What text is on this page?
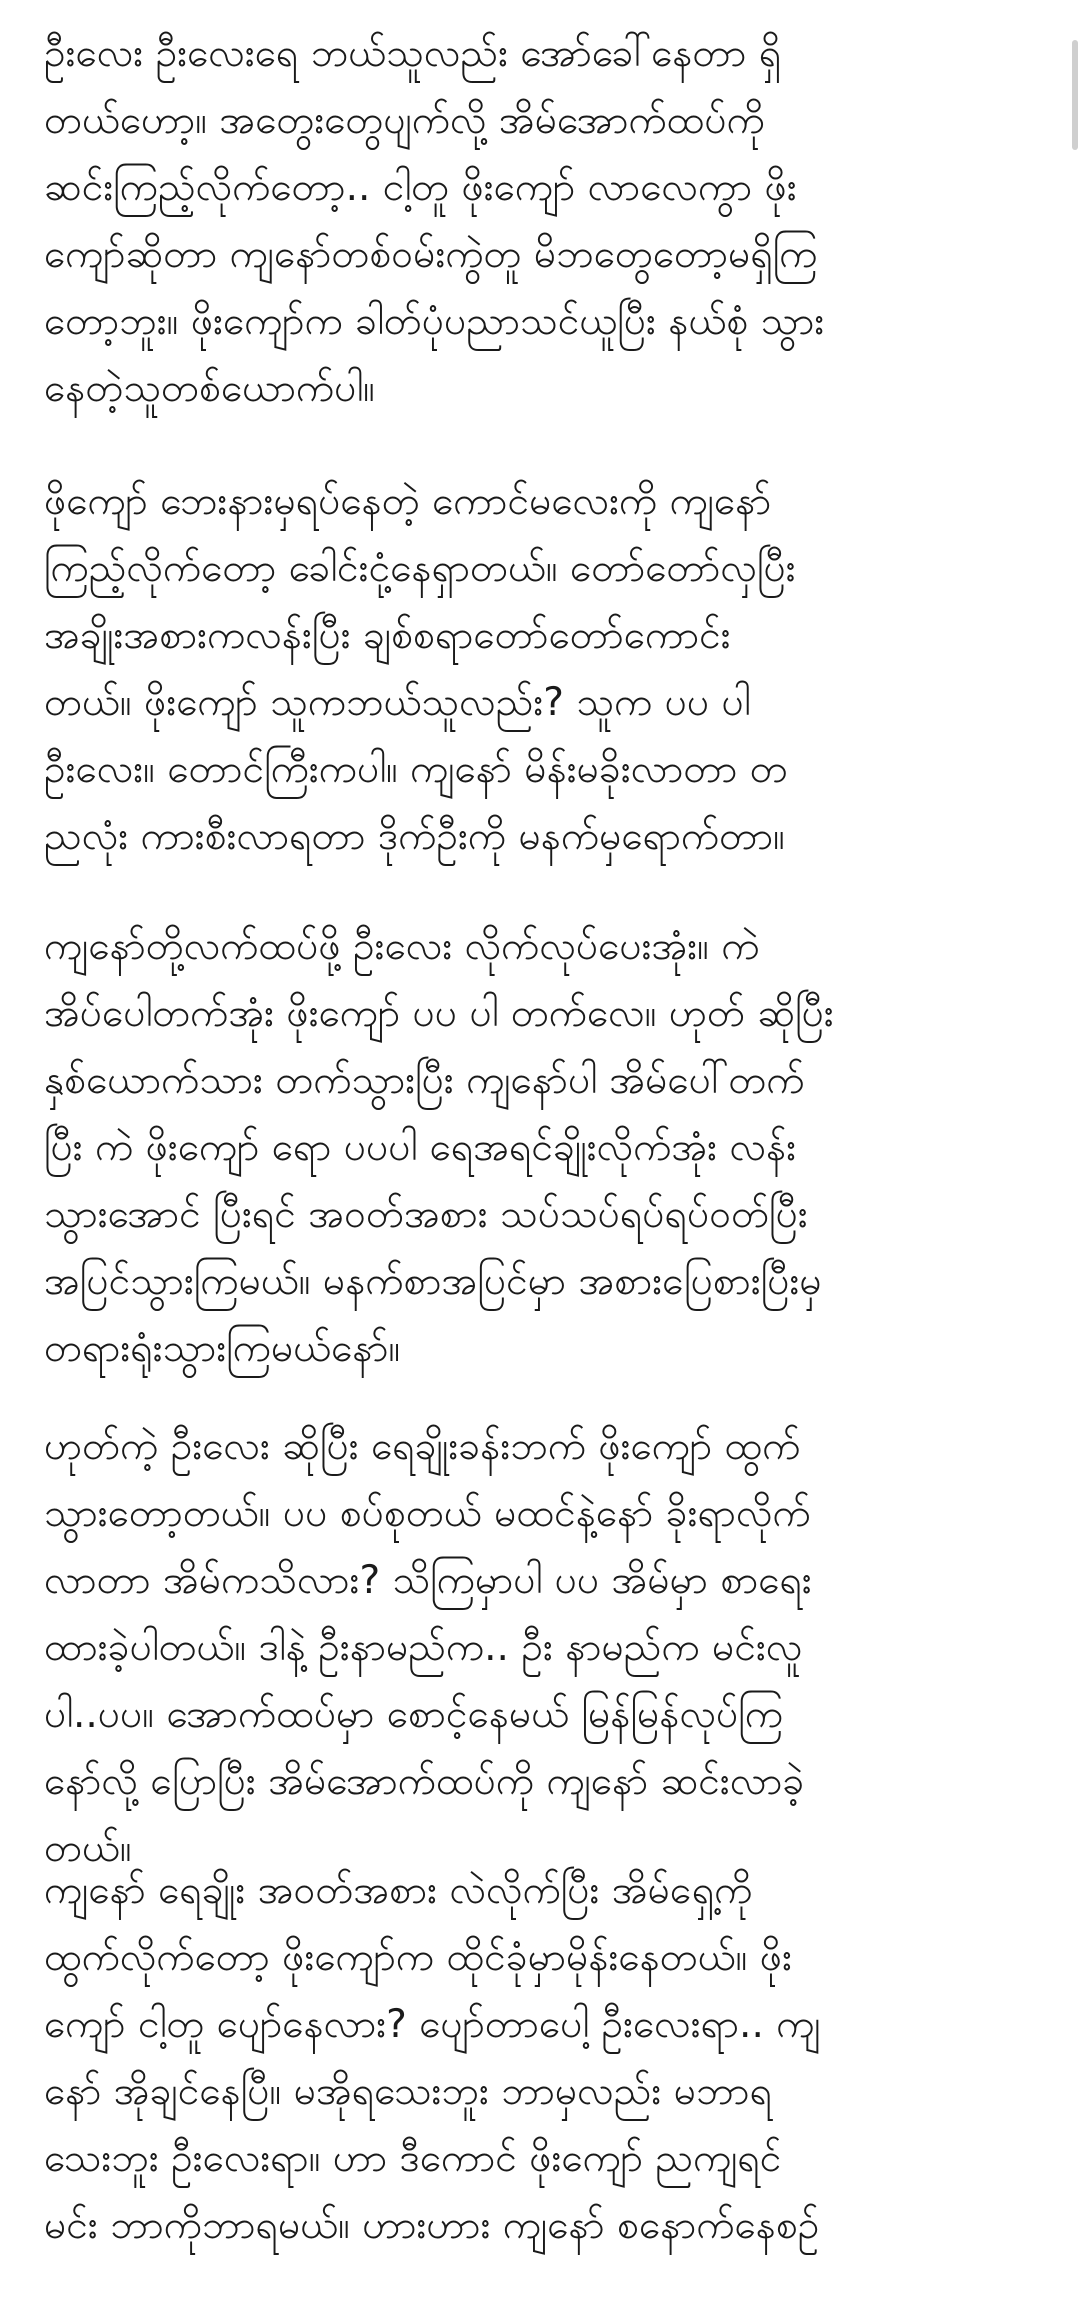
ဦးလေး ဦးလေးရေ ဘယ်သူလည်း အော်ခေါ်နေတာ ရှိ
တယ်ဟော့။ အတွေးတွေပျက်လို့ အိမ်အောက်ထပ်ကို
ဆင်းကြည့်လိုက်တော့.. ငါ့တူ ဖိုးကျော် လာလေကွာ ဖိုး
ကျော်ဆိုတာ ကျနော်တစ်ဝမ်းကွဲတူ မိဘတွေတော့မရှိကြ
တော့ဘူး။ ဖိုးကျော်က ခါတ်ပုံပညာသင်ယူပြီး နယ်စုံ သွား
နေတဲ့သူတစ်ယောက်ပါ။

ဖိုကျော် ဘေးနားမှရပ်နေတဲ့ ကောင်မလေးကို ကျနော်
ကြည့်လိုက်တော့ ခေါင်းငုံ့နေရှာတယ်။ တော်တော်လှပြီး
အချိုးအစားကလန်းပြီး ချစ်စရာတော်တော်ကောင်း
တယ်။ ဖိုးကျော် သူကဘယ်သူလည်း? သူက ပပ ပါ
ဦးလေး။ တောင်ကြီးကပါ။ ကျနော် မိန်းမခိုးလာတာ တ
ညလုံး ကားစီးလာရတာ ဒိုက်ဦးကို မနက်မှရောက်တာ။

ကျနော်တို့လက်ထပ်ဖို့ ဦးလေး လိုက်လုပ်ပေးအုံး။ ကဲ
အိပ်ပေါတက်အုံး ဖိုးကျော် ပပ ပါ တက်လေ။ ဟုတ် ဆိုပြီး
နှစ်ယောက်သား တက်သွားပြီး ကျနော်ပါ အိမ်ပေါ်တက်
ပြီး ကဲ ဖိုးကျော် ရော ပပပါ ရေအရင်ချိုးလိုက်အုံး လန်း
သွားအောင် ပြီးရင် အဝတ်အစား သပ်သပ်ရပ်ရပ်ဝတ်ပြီး
အပြင်သွားကြမယ်။ မနက်စာအပြင်မှာ အစားပြေစားပြီးမှ
တရားရုံးသွားကြမယ်နော်။

ဟုတ်ကဲ့ ဦးလေး ဆိုပြီး ရေချိုးခန်းဘက် ဖိုးကျော် ထွက်
သွားတော့တယ်။ ပပ စပ်စုတယ် မထင်နဲ့နော် ခိုးရာလိုက်
လာတာ အိမ်ကသိလား? သိကြမှာပါ ပပ အိမ်မှာ စာရေး
ထားခဲ့ပါတယ်။ ဒါနဲ့ ဦးနာမည်က.. ဦး နာမည်က မင်းလူ
ပါ..ပပ။ အောက်ထပ်မှာ စောင့်နေမယ် မြန်မြန်လုပ်ကြ
နော်လို့ ပြောပြီး အိမ်အောက်ထပ်ကို ကျနော် ဆင်းလာခဲ့
တယ်။

ကျနော် ရေချိုး အဝတ်အစား လဲလိုက်ပြီး အိမ်ရှေ့ကို
ထွက်လိုက်တော့ ဖိုးကျော်က ထိုင်ခုံမှာမိုန်းနေတယ်။ ဖိုး
ကျော် ငါ့တူ ပျော်နေလား? ပျော်တာပေါ့ ဦးလေးရာ.. ကျ
နော် အိုချင်နေပြီ။ မအိုရသေးဘူး ဘာမှလည်း မဘာရ
သေးဘူး ဦးလေးရာ။ ဟာ ဒီကောင် ဖိုးကျော် ညကျရင်
မင်း ဘာကိုဘာရမယ်။ ဟားဟား ကျနော် စနောက်နေစဉ်
